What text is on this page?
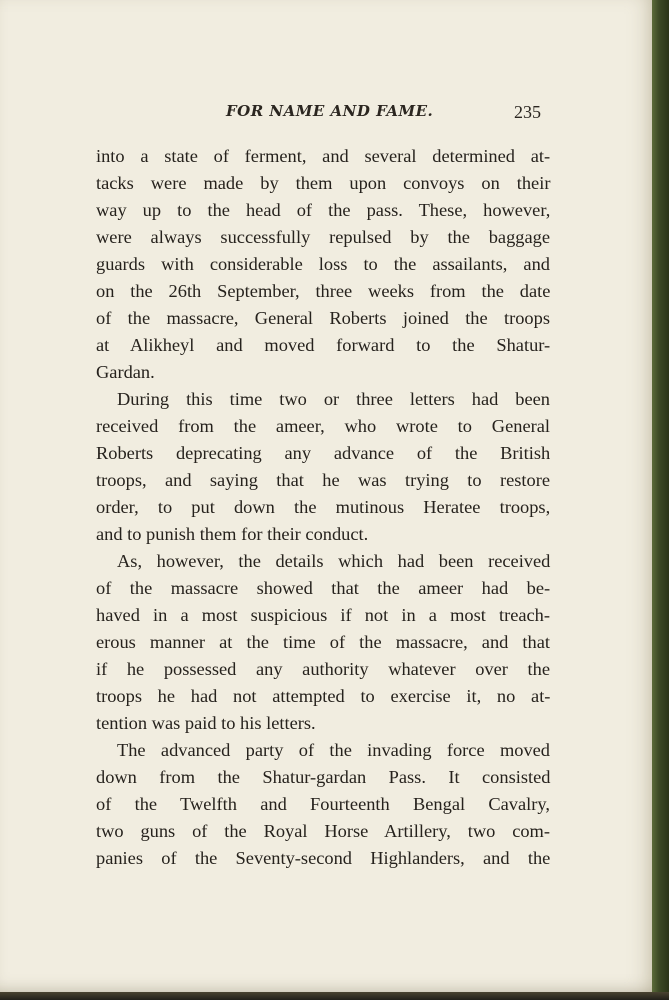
FOR NAME AND FAME.	235

into a state of ferment, and several determined at-
tacks were made by them upon convoys on their
way up to the head of the pass. These, however,
were always successfully repulsed by the baggage
guards with considerable loss to the assailants, and
on the 26th September, three weeks from the date
of the massacre, General Roberts joined the troops
at Alikheyl and moved forward to the Shatur-
Gardan.

During this time two or three letters had been
received from the ameer, who wrote to General
Roberts deprecating any advance of the British
troops, and saying that he was trying to restore
order, to put down the mutinous Heratee troops,
and to punish them for their conduct.

As, however, the details which had been received
of the massacre showed that the ameer had be-
haved in a most suspicious if not in a most treach-
erous manner at the time of the massacre, and that
if he possessed any authority whatever over the
troops he had not attempted to exercise it, no at-
tention was paid to his letters.

The advanced party of the invading force moved
down from the Shatur-gardan Pass. It consisted
of the Twelfth and Fourteenth Bengal Cavalry,
two guns of the Royal Horse Artillery, two com-
panies of the Seventy-second Highlanders, and the
